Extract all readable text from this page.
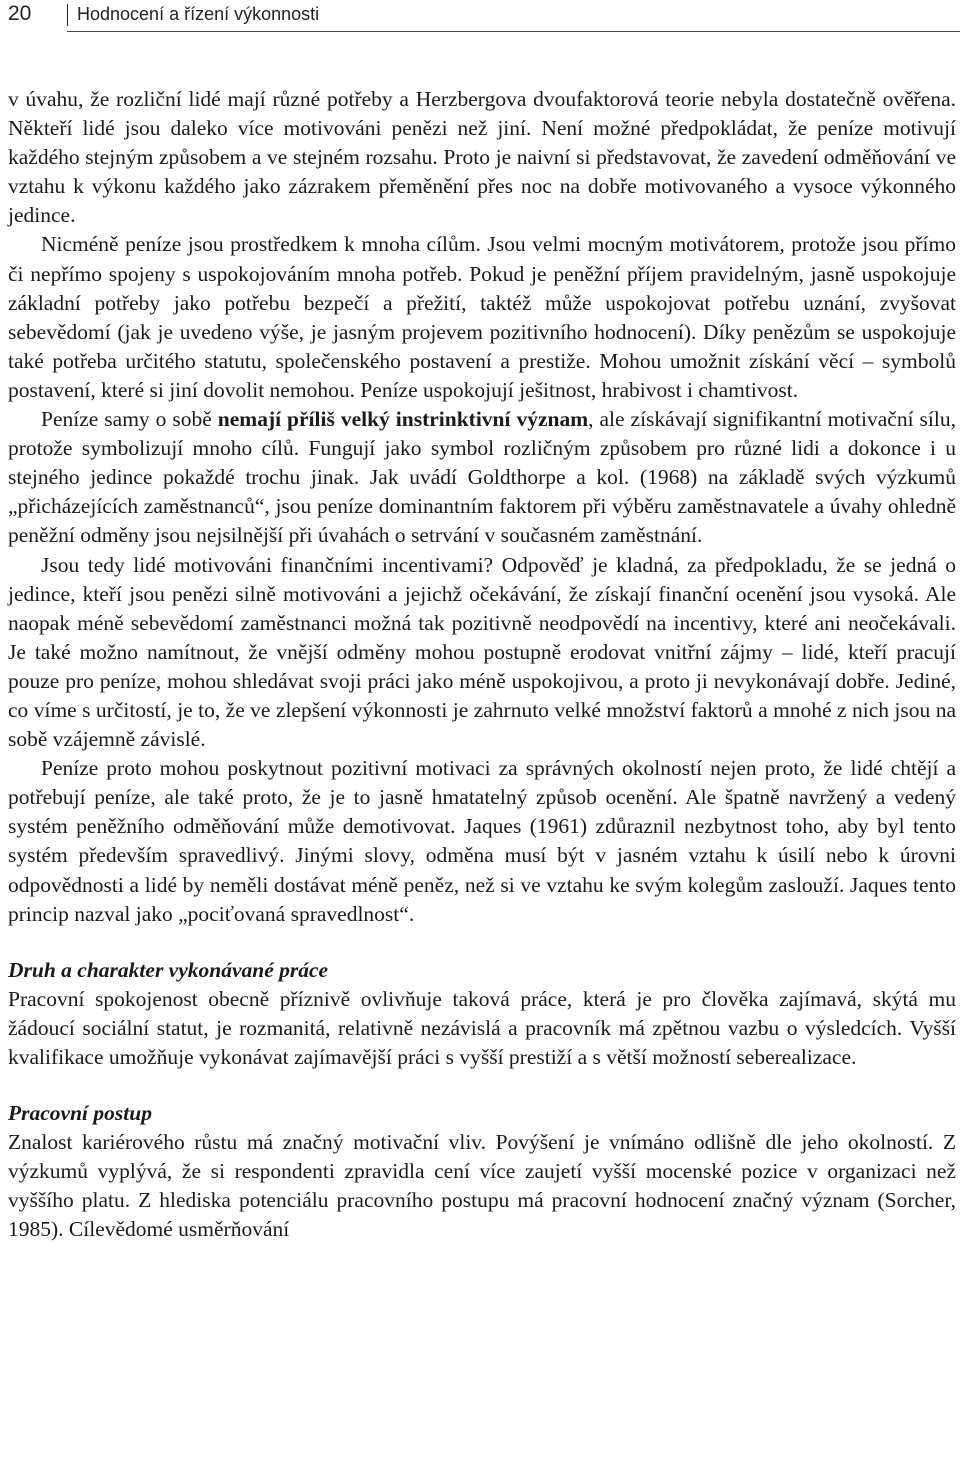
20	Hodnocení a řízení výkonnosti

v úvahu, že rozliční lidé mají různé potřeby a Herzbergova dvoufaktorová teorie nebyla dostatečně ověřena. Někteří lidé jsou daleko více motivováni penězi než jiní. Není možné předpokládat, že peníze motivují každého stejným způsobem a ve stejném rozsahu. Proto je naivní si představovat, že zavedení odměňování ve vztahu k výkonu každého jako zázrakem přeměnění přes noc na dobře motivovaného a vysoce výkonného jedince.

Nicméně peníze jsou prostředkem k mnoha cílům. Jsou velmi mocným motivátorem, protože jsou přímo či nepřímo spojeny s uspokojováním mnoha potřeb. Pokud je peněžní příjem pravidelným, jasně uspokojuje základní potřeby jako potřebu bezpečí a přežití, taktéž může uspokojovat potřebu uznání, zvyšovat sebevědomí (jak je uvedeno výše, je jasným projevem pozitivního hodnocení). Díky penězům se uspokojuje také potřeba určitého statutu, společenského postavení a prestiže. Mohou umožnit získání věcí – symbolů postavení, které si jiní dovolit nemohou. Peníze uspokojují ješitnost, hrabivost i chamtivost.

Peníze samy o sobě nemají příliš velký instrinktivní význam, ale získávají signifikantní motivační sílu, protože symbolizují mnoho cílů. Fungují jako symbol rozličným způsobem pro různé lidi a dokonce i u stejného jedince pokaždé trochu jinak. Jak uvádí Goldthorpe a kol. (1968) na základě svých výzkumů „přicházejících zaměstnanců“, jsou peníze dominantním faktorem při výběru zaměstnavatele a úvahy ohledně peněžní odměny jsou nejsilnější při úvahách o setrvání v současném zaměstnání.

Jsou tedy lidé motivováni finančními incentivami? Odpověď je kladná, za předpokladu, že se jedná o jedince, kteří jsou penězi silně motivováni a jejichž očekávání, že získají finanční ocenění jsou vysoká. Ale naopak méně sebevědomí zaměstnanci možná tak pozitivně neodpovědí na incentivy, které ani neočekávali. Je také možno namítnout, že vnější odměny mohou postupně erodovat vnitřní zájmy – lidé, kteří pracují pouze pro peníze, mohou shledávat svoji práci jako méně uspokojivou, a proto ji nevykonávají dobře. Jediné, co víme s určitostí, je to, že ve zlepšení výkonnosti je zahrnuto velké množství faktorů a mnohé z nich jsou na sobě vzájemně závislé.

Peníze proto mohou poskytnout pozitivní motivaci za správných okolností nejen proto, že lidé chtějí a potřebují peníze, ale také proto, že je to jasně hmatatelný způsob ocenění. Ale špatně navržený a vedený systém peněžního odměňování může demotivovat. Jaques (1961) zdůraznil nezbytnost toho, aby byl tento systém především spravedlivý. Jinými slovy, odměna musí být v jasném vztahu k úsilí nebo k úrovni odpovědnosti a lidé by neměli dostávat méně peněz, než si ve vztahu ke svým kolegům zaslouží. Jaques tento princip nazval jako „pociťovaná spravedlnost“.

Druh a charakter vykonávané práce

Pracovní spokojenost obecně příznivě ovlivňuje taková práce, která je pro člověka zajímavá, skýtá mu žádoucí sociální statut, je rozmanitá, relativně nezávislá a pracovník má zpětnou vazbu o výsledcích. Vyšší kvalifikace umožňuje vykonávat zajímavější práci s vyšší prestiží a s větší možností seberealizace.

Pracovní postup

Znalost kariérového růstu má značný motivační vliv. Povýšení je vnímáno odlišně dle jeho okolností. Z výzkumů vyplývá, že si respondenti zpravidla cení více zaujetí vyšší mocenské pozice v organizaci než vyššího platu. Z hlediska potenciálu pracovního postupu má pracovní hodnocení značný význam (Sorcher, 1985). Cílevědomé usměrňování
